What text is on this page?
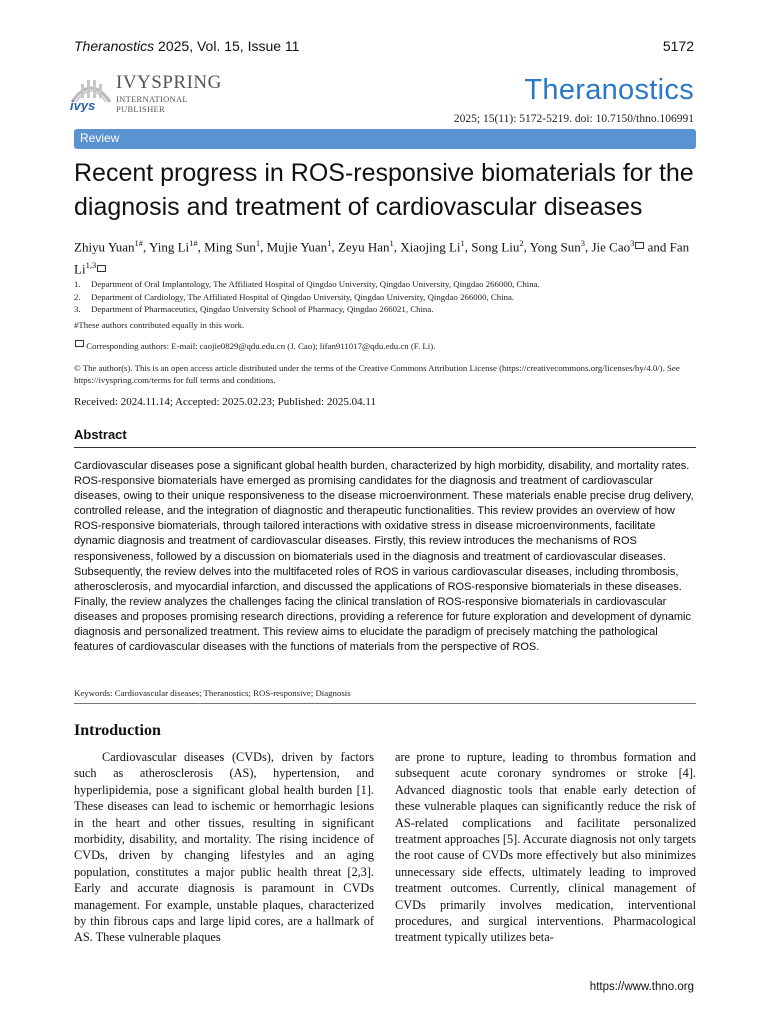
Theranostics 2025, Vol. 15, Issue 11	5172
ivys
IVYSPRING
INTERNATIONAL PUBLISHER
Theranostics
2025; 15(11): 5172-5219. doi: 10.7150/thno.106991
Review
Recent progress in ROS-responsive biomaterials for the diagnosis and treatment of cardiovascular diseases
Zhiyu Yuan$^{1\#}$, Ying $Li^{1\#}$, Ming Sun$^1$, Mujie Yuan$^1$, Zeyu Han$^1$, Xiaojing Li$^1$, Song Liu$^2$, Yong Sun$^3$, Jie Cao$^3$ and Fan Li$^{1,3}$
1. Department of Oral Implantology, The Affiliated Hospital of Qingdao University, Qingdao University, Qingdao 266000, China.
2. Department of Cardiology, The Affiliated Hospital of Qingdao University, Qingdao University, Qingdao 266000, China.
3. Department of Pharmaceutics, Qingdao University School of Pharmacy, Qingdao 266021, China.
#These authors contributed equally in this work.
Corresponding authors: E-mail: caojie0829@qdu.edu.cn (J. Cao); lifan911017@qdu.edu.cn (F. Li).
© The author(s). This is an open access article distributed under the terms of the Creative Commons Attribution License (https://creativecommons.org/licenses/by/4.0/). See https://ivyspring.com/terms for full terms and conditions.
Received: 2024.11.14; Accepted: 2025.02.23; Published: 2025.04.11
Abstract

Cardiovascular diseases pose a significant global health burden, characterized by high morbidity, disability, and mortality rates. ROS-responsive biomaterials have emerged as promising candidates for the diagnosis and treatment of cardiovascular diseases, owing to their unique responsiveness to the disease microenvironment. These materials enable precise drug delivery, controlled release, and the integration of diagnostic and therapeutic functionalities. This review provides an overview of how ROS-responsive biomaterials, through tailored interactions with oxidative stress in disease microenvironments, facilitate dynamic diagnosis and treatment of cardiovascular diseases. Firstly, this review introduces the mechanisms of ROS responsiveness, followed by a discussion on biomaterials used in the diagnosis and treatment of cardiovascular diseases. Subsequently, the review delves into the multifaceted roles of ROS in various cardiovascular diseases, including thrombosis, atherosclerosis, and myocardial infarction, and discussed the applications of ROS-responsive biomaterials in these diseases. Finally, the review analyzes the challenges facing the clinical translation of ROS-responsive biomaterials in cardiovascular diseases and proposes promising research directions, providing a reference for future exploration and development of dynamic diagnosis and personalized treatment. This review aims to elucidate the paradigm of precisely matching the pathological features of cardiovascular diseases with the functions of materials from the perspective of ROS.

Keywords: Cardiovascular diseases; Theranostics; ROS-responsive; Diagnosis
Introduction

Cardiovascular diseases (CVDs), driven by factors such as atherosclerosis (AS), hypertension, and hyperlipidemia, pose a significant global health burden [1]. These diseases can lead to ischemic or hemorrhagic lesions in the heart and other tissues, resulting in significant morbidity, disability, and mortality. The rising incidence of CVDs, driven by changing lifestyles and an aging population, constitutes a major public health threat [2,3]. Early and accurate diagnosis is paramount in CVDs management. For example, unstable plaques, characterized by thin fibrous caps and large lipid cores, are a hallmark of AS. These vulnerable plaques

are prone to rupture, leading to thrombus formation and subsequent acute coronary syndromes or stroke [4]. Advanced diagnostic tools that enable early detection of these vulnerable plaques can significantly reduce the risk of AS-related complications and facilitate personalized treatment approaches [5]. Accurate diagnosis not only targets the root cause of CVDs more effectively but also minimizes unnecessary side effects, ultimately leading to improved treatment outcomes. Currently, clinical management of CVDs primarily involves medication, interventional procedures, and surgical interventions. Pharmacological treatment typically utilizes beta-

https://www.thno.org
